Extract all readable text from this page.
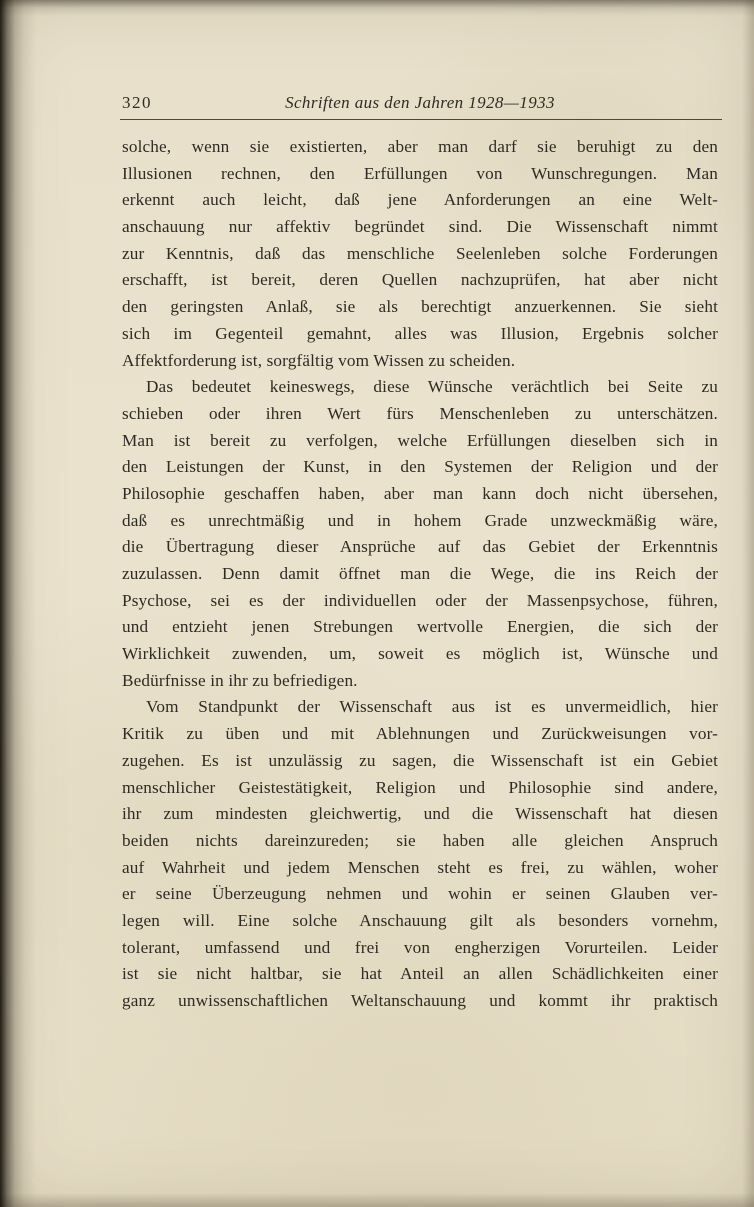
320	Schriften aus den Jahren 1928—1933
solche, wenn sie existierten, aber man darf sie beruhigt zu den
Illusionen rechnen, den Erfüllungen von Wunschregungen. Man
erkennt auch leicht, daß jene Anforderungen an eine Welt-
anschauung nur affektiv begründet sind. Die Wissenschaft nimmt
zur Kenntnis, daß das menschliche Seelenleben solche Forderungen
erschafft, ist bereit, deren Quellen nachzuprüfen, hat aber nicht
den geringsten Anlaß, sie als berechtigt anzuerkennen. Sie sieht
sich im Gegenteil gemahnt, alles was Illusion, Ergebnis solcher
Affektforderung ist, sorgfältig vom Wissen zu scheiden.
Das bedeutet keineswegs, diese Wünsche verächtlich bei Seite zu
schieben oder ihren Wert fürs Menschenleben zu unterschätzen.
Man ist bereit zu verfolgen, welche Erfüllungen dieselben sich in
den Leistungen der Kunst, in den Systemen der Religion und der
Philosophie geschaffen haben, aber man kann doch nicht übersehen,
daß es unrechtmäßig und in hohem Grade unzweckmäßig wäre,
die Übertragung dieser Ansprüche auf das Gebiet der Erkenntnis
zuzulassen. Denn damit öffnet man die Wege, die ins Reich der
Psychose, sei es der individuellen oder der Massenpsychose, führen,
und entzieht jenen Strebungen wertvolle Energien, die sich der
Wirklichkeit zuwenden, um, soweit es möglich ist, Wünsche und
Bedürfnisse in ihr zu befriedigen.
Vom Standpunkt der Wissenschaft aus ist es unvermeidlich, hier
Kritik zu üben und mit Ablehnungen und Zurückweisungen vor-
zugehen. Es ist unzulässig zu sagen, die Wissenschaft ist ein Gebiet
menschlicher Geistestätigkeit, Religion und Philosophie sind andere,
ihr zum mindesten gleichwertig, und die Wissenschaft hat diesen
beiden nichts dareinzureden; sie haben alle gleichen Anspruch
auf Wahrheit und jedem Menschen steht es frei, zu wählen, woher
er seine Überzeugung nehmen und wohin er seinen Glauben ver-
legen will. Eine solche Anschauung gilt als besonders vornehm,
tolerant, umfassend und frei von engherzigen Vorurteilen. Leider
ist sie nicht haltbar, sie hat Anteil an allen Schädlichkeiten einer
ganz unwissenschaftlichen Weltanschauung und kommt ihr praktisch
